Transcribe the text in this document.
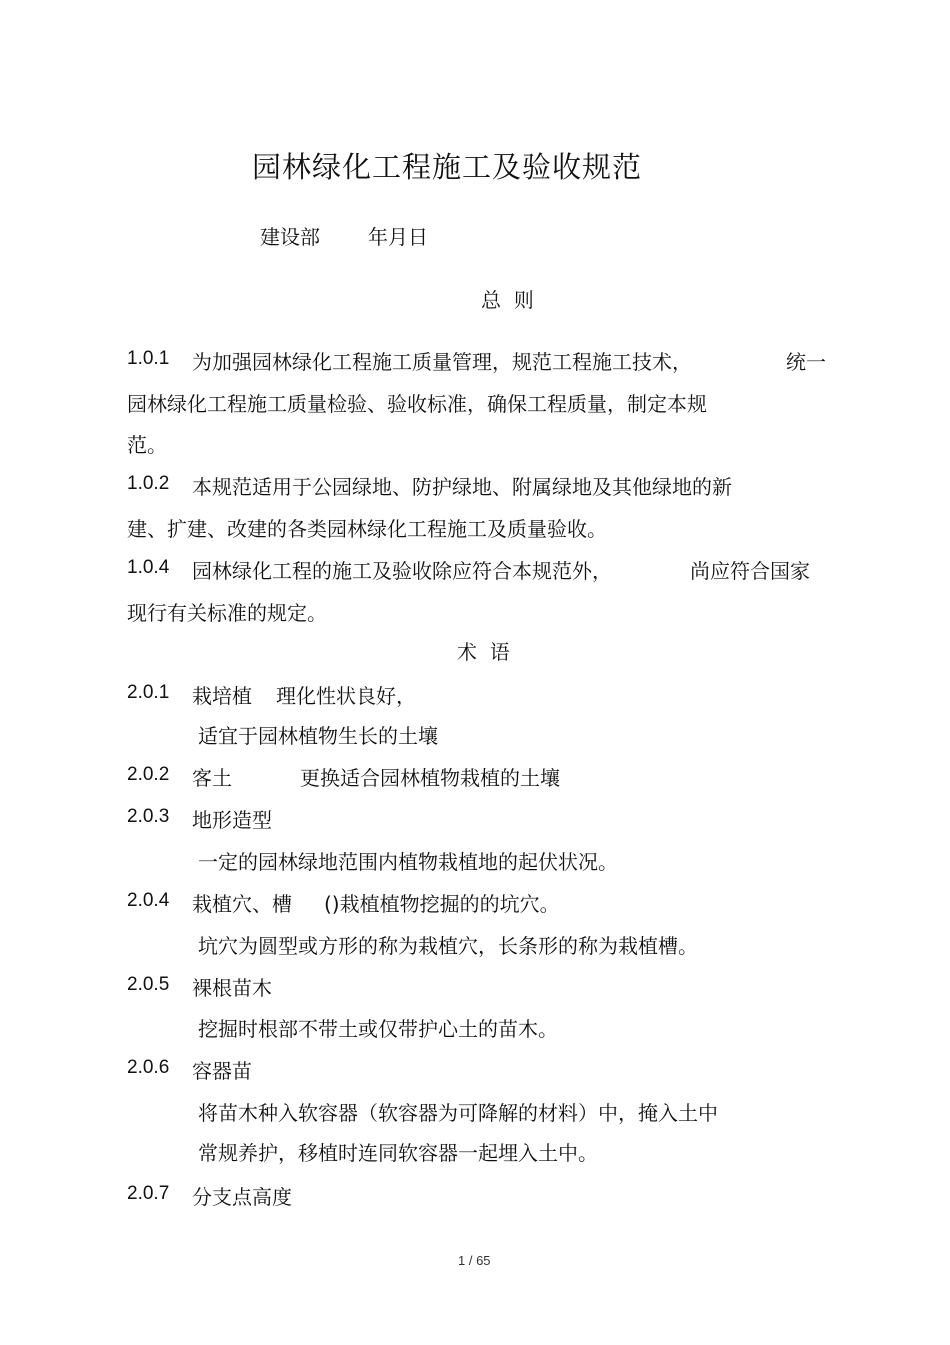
园林绿化工程施工及验收规范
建设部 年月日
总  则
1.0.1 为加强园林绿化工程施工质量管理，规范工程施工技术，	统一
园林绿化工程施工质量检验、验收标准，确保工程质量，制定本规
范。
1.0.2 本规范适用于公园绿地、防护绿地、附属绿地及其他绿地的新
建、扩建、改建的各类园林绿化工程施工及质量验收。
1.0.4 园林绿化工程的施工及验收除应符合本规范外，	尚应符合国家
现行有关标准的规定。
术  语
2.0.1 栽培植 理化性状良好，
适宜于园林植物生长的土壤
2.0.2 客土	更换适合园林植物栽植的土壤
2.0.3 地形造型
一定的园林绿地范围内植物栽植地的起伏状况。
2.0.4 栽植穴、槽 ()栽植植物挖掘的的坑穴。
坑穴为圆型或方形的称为栽植穴，长条形的称为栽植槽。
2.0.5 裸根苗木
挖掘时根部不带土或仅带护心土的苗木。
2.0.6 容器苗
将苗木种入软容器（软容器为可降解的材料）中，掩入土中
常规养护，移植时连同软容器一起埋入土中。
2.0.7 分支点高度
1 / 65
